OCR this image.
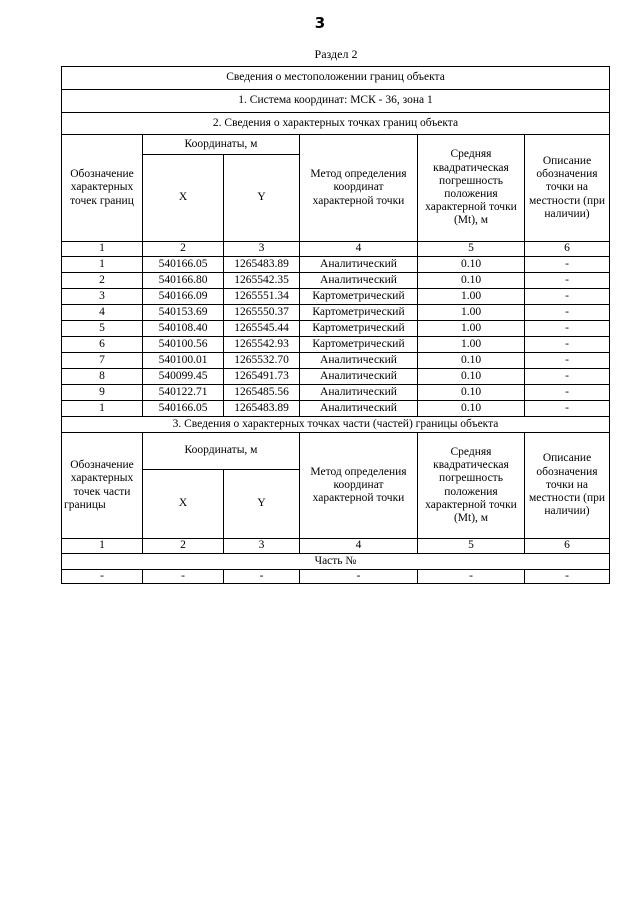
3
Раздел 2
Сведения о местоположении границ объекта					
1. Система координат: МСК - 36, зона 1					
2. Сведения о характерных точках границ объекта					
Обозначение характерных точек границ	Координаты, м		Метод определения координат характерной точки	Средняя квадратическая погрешность положения характерной точки (Mt), м	Описание обозначения точки на местности (при наличии)
	X	Y			
1	2	3	4	5	6
1	540166.05	1265483.89	Аналитический	0.10	-
2	540166.80	1265542.35	Аналитический	0.10	-
3	540166.09	1265551.34	Картометрический	1.00	-
4	540153.69	1265550.37	Картометрический	1.00	-
5	540108.40	1265545.44	Картометрический	1.00	-
6	540100.56	1265542.93	Картометрический	1.00	-
7	540100.01	1265532.70	Аналитический	0.10	-
8	540099.45	1265491.73	Аналитический	0.10	-
9	540122.71	1265485.56	Аналитический	0.10	-
1	540166.05	1265483.89	Аналитический	0.10	-
3. Сведения о характерных точках части (частей) границы объекта					
Обозначение характерных точек части границы	Координаты, м		Метод определения координат характерной точки	Средняя квадратическая погрешность положения характерной точки (Mt), м	Описание обозначения точки на местности (при наличии)
	X	Y			
1	2	3	4	5	6
Часть №					
-	-	-	-	-	-
